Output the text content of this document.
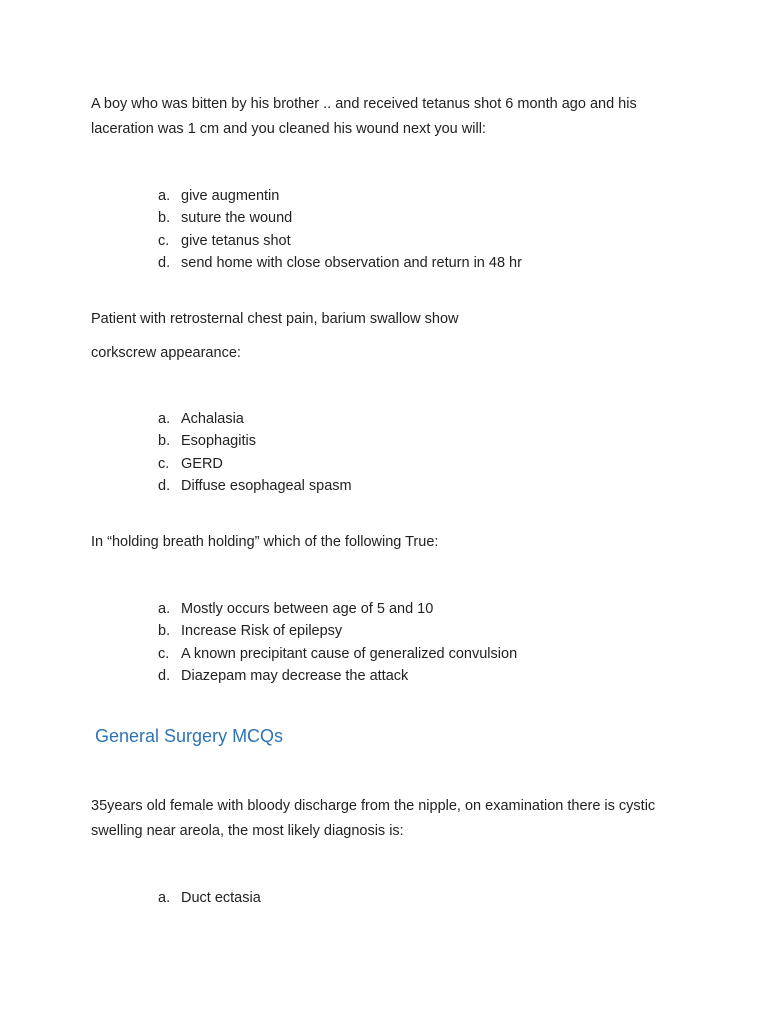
A boy who was bitten by his brother .. and received tetanus shot 6 month ago and his laceration was 1 cm and you cleaned his wound next you will:
a. give augmentin
b. suture the wound
c. give tetanus shot
d. send home with close observation and return in 48 hr
Patient with retrosternal chest pain, barium swallow show
corkscrew appearance:
a. Achalasia
b. Esophagitis
c. GERD
d. Diffuse esophageal spasm
In “holding breath holding” which of the following True:
a. Mostly occurs between age of 5 and 10
b. Increase Risk of epilepsy
c. A known precipitant cause of generalized convulsion
d. Diazepam may decrease the attack
General Surgery MCQs
35years old female with bloody discharge from the nipple, on examination there is cystic swelling near areola, the most likely diagnosis is:
a. Duct ectasia
